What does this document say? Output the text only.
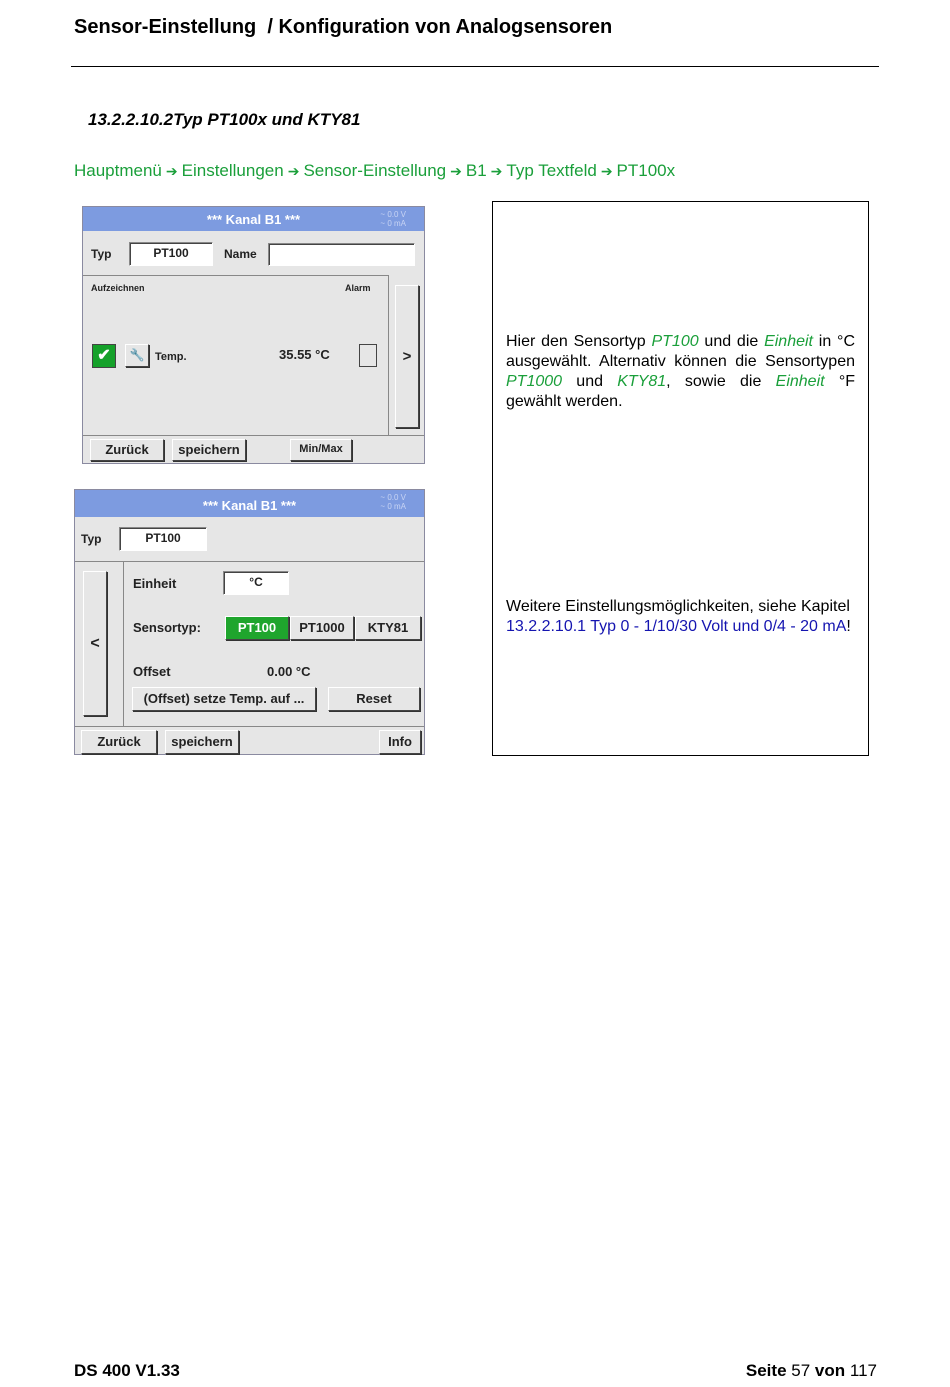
Sensor-Einstellung  / Konfiguration von Analogsensoren
13.2.2.10.2Typ PT100x und KTY81
Hauptmenü ➔ Einstellungen ➔ Sensor-Einstellung ➔ B1 ➔ Typ Textfeld ➔ PT100x
*** Kanal B1 ***	~ 0.0 V
~ 0 mA
Typ	PT100	Name
Aufzeichnen	Alarm
✔	🔧 Temp.	35.55 °C	>
Zurück	speichern	Min/Max
*** Kanal B1 ***
~ 0.0 V
~ 0 mA
Typ	PT100
<
Einheit	°C
Sensortyp:	PT100	PT1000	KTY81
Offset	0.00 °C
(Offset) setze Temp. auf ...	Reset
Zurück	speichern	Info
Hier den Sensortyp PT100 und die Einheit in °C ausgewählt. Alternativ können die Sensortypen PT1000 und KTY81, sowie die Einheit °F gewählt werden.
Weitere Einstellungsmöglichkeiten, siehe Kapitel 13.2.2.10.1 Typ 0 - 1/10/30 Volt und 0/4 - 20 mA!
DS 400 V1.33	Seite 57 von 117
